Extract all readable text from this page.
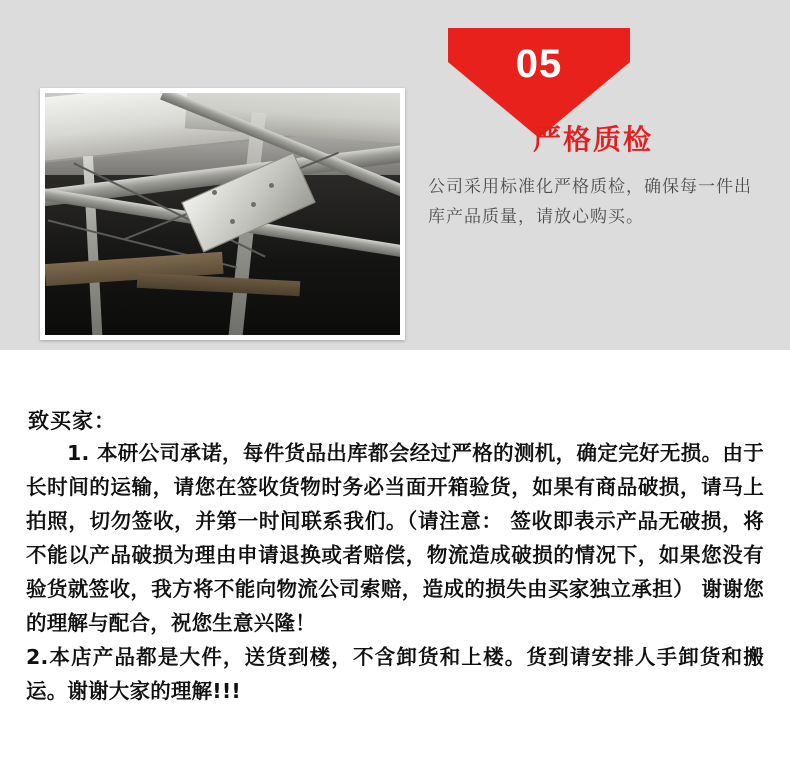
05
严格质检
公司采用标准化严格质检，确保每一件出库产品质量，请放心购买。
致买家：

1. 本研公司承诺，每件货品出库都会经过严格的测机，确定完好无损。由于长时间的运输，请您在签收货物时务必当面开箱验货，如果有商品破损，请马上拍照，切勿签收，并第一时间联系我们。（请注意： 签收即表示产品无破损，将不能以产品破损为理由申请退换或者赔偿，物流造成破损的情况下，如果您没有验货就签收，我方将不能向物流公司索赔，造成的损失由买家独立承担） 谢谢您的理解与配合，祝您生意兴隆！

2.本店产品都是大件，送货到楼，不含卸货和上楼。货到请安排人手卸货和搬运。谢谢大家的理解!!!
